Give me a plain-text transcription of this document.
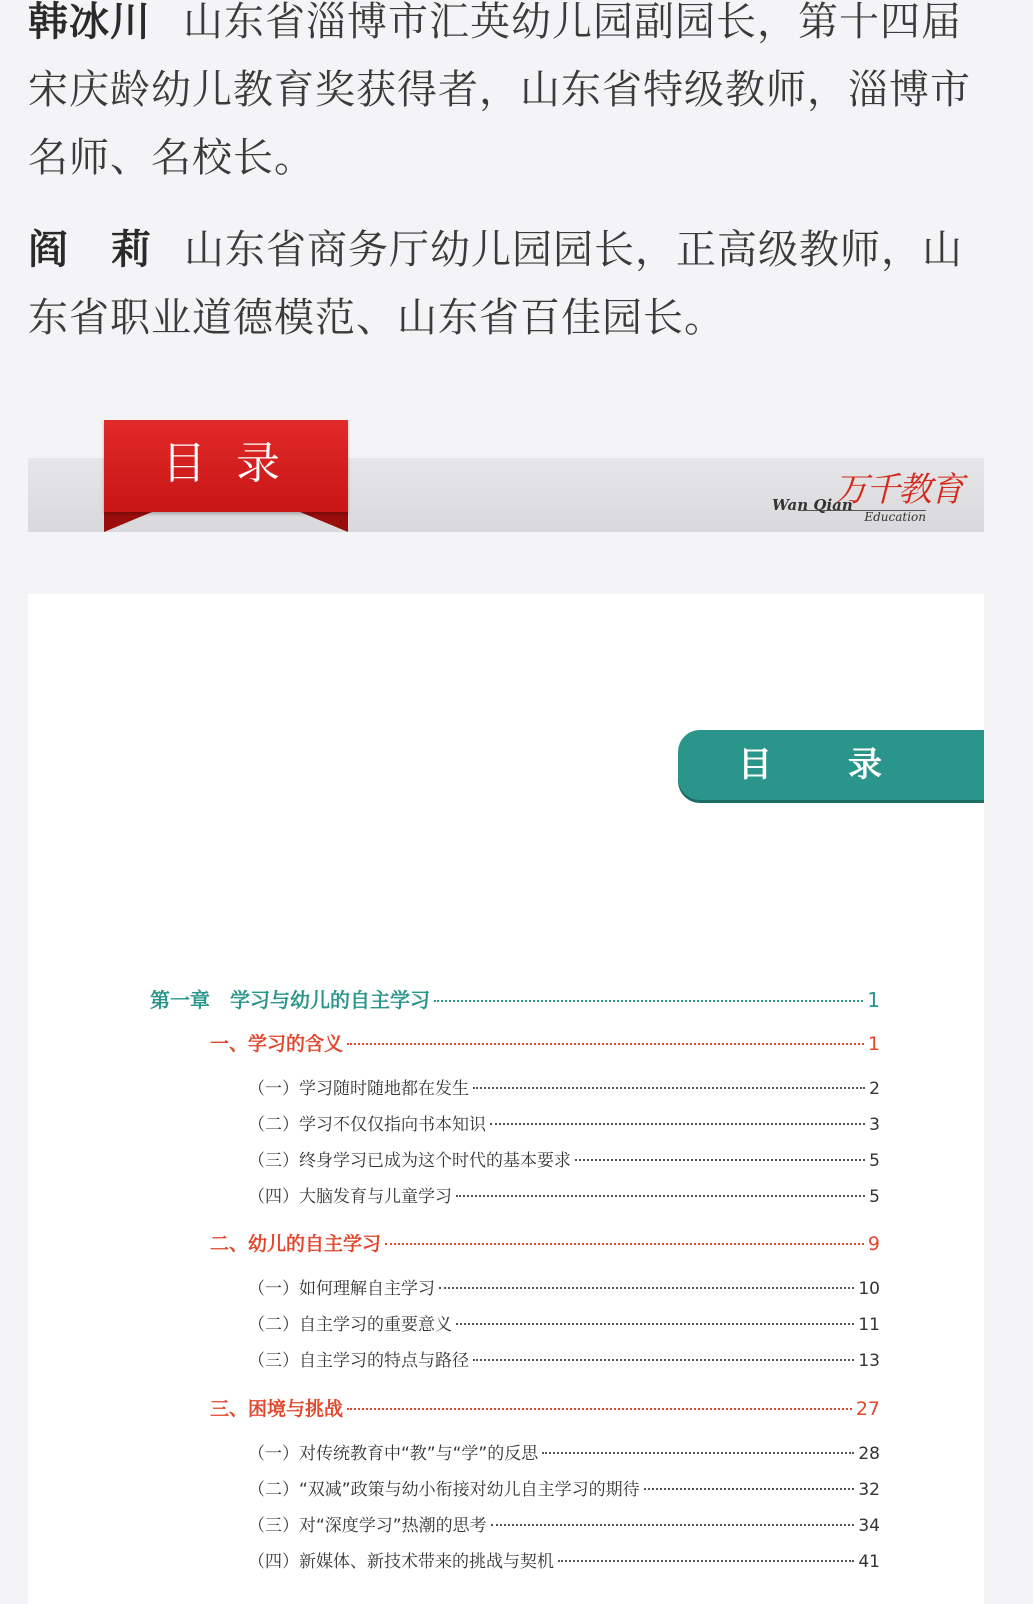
韩冰川 山东省淄博市汇英幼儿园副园长，第十四届宋庆龄幼儿教育奖获得者，山东省特级教师，淄博市名师、名校长。

阎 莉 山东省商务厅幼儿园园长，正高级教师，山东省职业道德模范、山东省百佳园长。

目录
万千教育
Wan Qian
Education
目 录
第一章　学习与幼儿的自主学习	1
一、学习的含义	1
（一）学习随时随地都在发生	2
（二）学习不仅仅指向书本知识	3
（三）终身学习已成为这个时代的基本要求	5
（四）大脑发育与儿童学习	5
二、幼儿的自主学习	9
（一）如何理解自主学习	10
（二）自主学习的重要意义	11
（三）自主学习的特点与路径	13
三、困境与挑战	27
（一）对传统教育中“教”与“学”的反思	28
（二）“双减”政策与幼小衔接对幼儿自主学习的期待	32
（三）对“深度学习”热潮的思考	34
（四）新媒体、新技术带来的挑战与契机	41
